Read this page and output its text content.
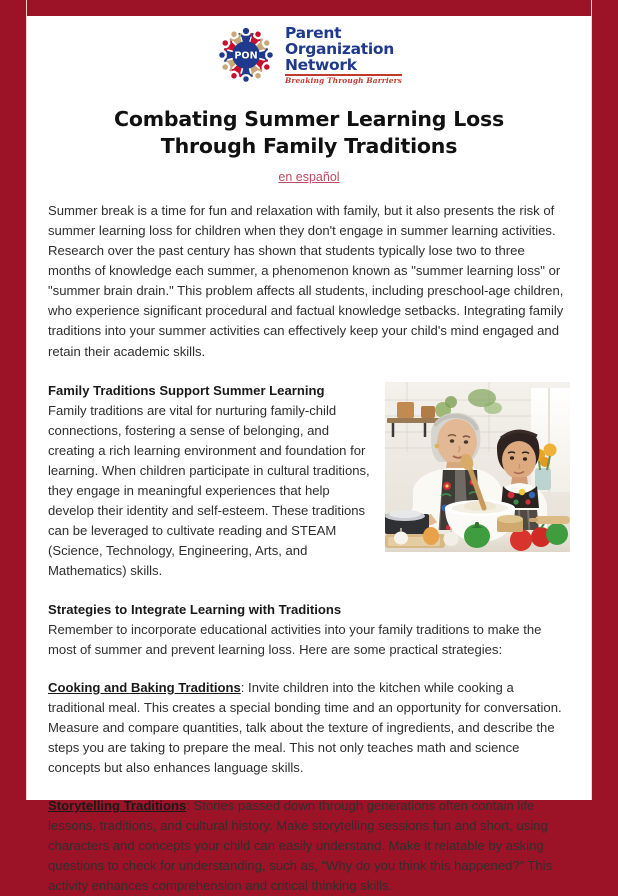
PON
Parent
Organization
Network
Breaking Through Barriers
Combating Summer Learning Loss
Through Family Traditions
en español

Summer break is a time for fun and relaxation with family, but it also presents the risk of summer learning loss for children when they don't engage in summer learning activities. Research over the past century has shown that students typically lose two to three months of knowledge each summer, a phenomenon known as "summer learning loss" or "summer brain drain." This problem affects all students, including preschool-age children, who experience significant procedural and factual knowledge setbacks. Integrating family traditions into your summer activities can effectively keep your child's mind engaged and retain their academic skills.

Family Traditions Support Summer Learning

Family traditions are vital for nurturing family-child connections, fostering a sense of belonging, and creating a rich learning environment and foundation for learning. When children participate in cultural traditions, they engage in meaningful experiences that help develop their identity and self-esteem. These traditions can be leveraged to cultivate reading and STEAM (Science, Technology, Engineering, Arts, and Mathematics) skills.

Strategies to Integrate Learning with Traditions

Remember to incorporate educational activities into your family traditions to make the most of summer and prevent learning loss. Here are some practical strategies:

Cooking and Baking Traditions: Invite children into the kitchen while cooking a traditional meal. This creates a special bonding time and an opportunity for conversation. Measure and compare quantities, talk about the texture of ingredients, and describe the steps you are taking to prepare the meal. This not only teaches math and science concepts but also enhances language skills.

Storytelling Traditions: Stories passed down through generations often contain life lessons, traditions, and cultural history. Make storytelling sessions fun and short, using characters and concepts your child can easily understand. Make it relatable by asking questions to check for understanding, such as, “Why do you think this happened?” This activity enhances comprehension and critical thinking skills.
